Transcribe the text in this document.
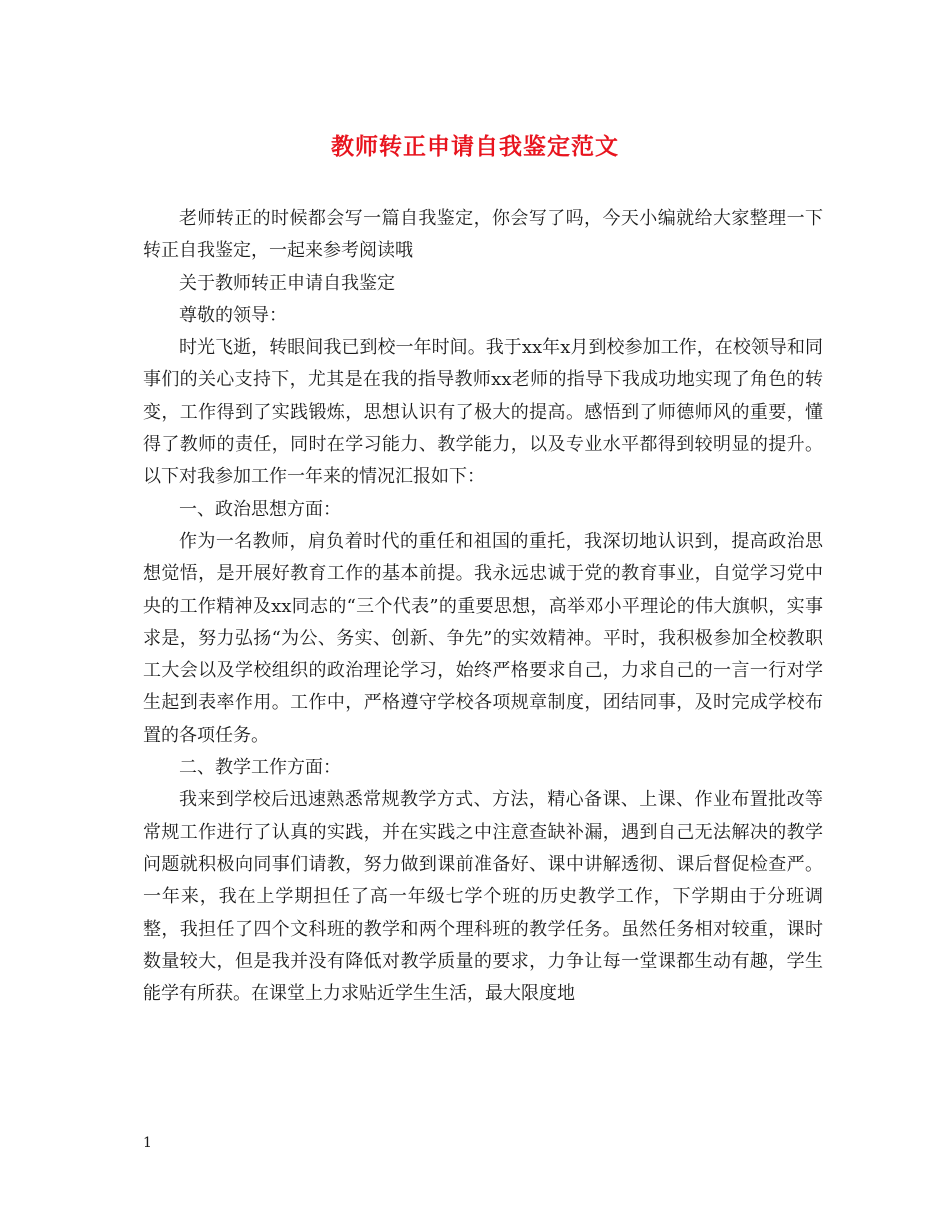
教师转正申请自我鉴定范文

老师转正的时候都会写一篇自我鉴定，你会写了吗，今天小编就给大家整理一下转正自我鉴定，一起来参考阅读哦

关于教师转正申请自我鉴定

尊敬的领导：

时光飞逝，转眼间我已到校一年时间。我于xx年x月到校参加工作，在校领导和同事们的关心支持下，尤其是在我的指导教师xx老师的指导下我成功地实现了角色的转变，工作得到了实践锻炼，思想认识有了极大的提高。感悟到了师德师风的重要，懂得了教师的责任，同时在学习能力、教学能力，以及专业水平都得到较明显的提升。以下对我参加工作一年来的情况汇报如下：

一、政治思想方面：

作为一名教师，肩负着时代的重任和祖国的重托，我深切地认识到，提高政治思想觉悟，是开展好教育工作的基本前提。我永远忠诚于党的教育事业，自觉学习党中央的工作精神及xx同志的“三个代表”的重要思想，高举邓小平理论的伟大旗帜，实事求是，努力弘扬“为公、务实、创新、争先”的实效精神。平时，我积极参加全校教职工大会以及学校组织的政治理论学习，始终严格要求自己，力求自己的一言一行对学生起到表率作用。工作中，严格遵守学校各项规章制度，团结同事，及时完成学校布置的各项任务。

二、教学工作方面：

我来到学校后迅速熟悉常规教学方式、方法，精心备课、上课、作业布置批改等常规工作进行了认真的实践，并在实践之中注意查缺补漏，遇到自己无法解决的教学问题就积极向同事们请教，努力做到课前准备好、课中讲解透彻、课后督促检查严。一年来，我在上学期担任了高一年级七学个班的历史教学工作，下学期由于分班调整，我担任了四个文科班的教学和两个理科班的教学任务。虽然任务相对较重，课时数量较大，但是我并没有降低对教学质量的要求，力争让每一堂课都生动有趣，学生能学有所获。在课堂上力求贴近学生生活，最大限度地

1
